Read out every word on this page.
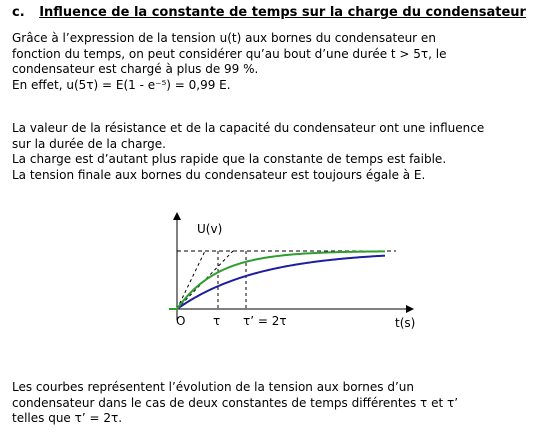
c. Influence de la constante de temps sur la charge du condensateur

Grâce à l’expression de la tension u(t) aux bornes du condensateur en
fonction du temps, on peut considérer qu’au bout d’une durée t > 5τ, le
condensateur est chargé à plus de 99 %.
En effet, u(5τ) = E(1 - e⁻⁵) = 0,99 E.

La valeur de la résistance et de la capacité du condensateur ont une influence
sur la durée de la charge.
La charge est d’autant plus rapide que la constante de temps est faible.
La tension finale aux bornes du condensateur est toujours égale à E.

U(v)
O τ τ’ = 2τ	t(s)

Les courbes représentent l’évolution de la tension aux bornes d’un
condensateur dans le cas de deux constantes de temps différentes τ et τ’
telles que τ’ = 2τ.
